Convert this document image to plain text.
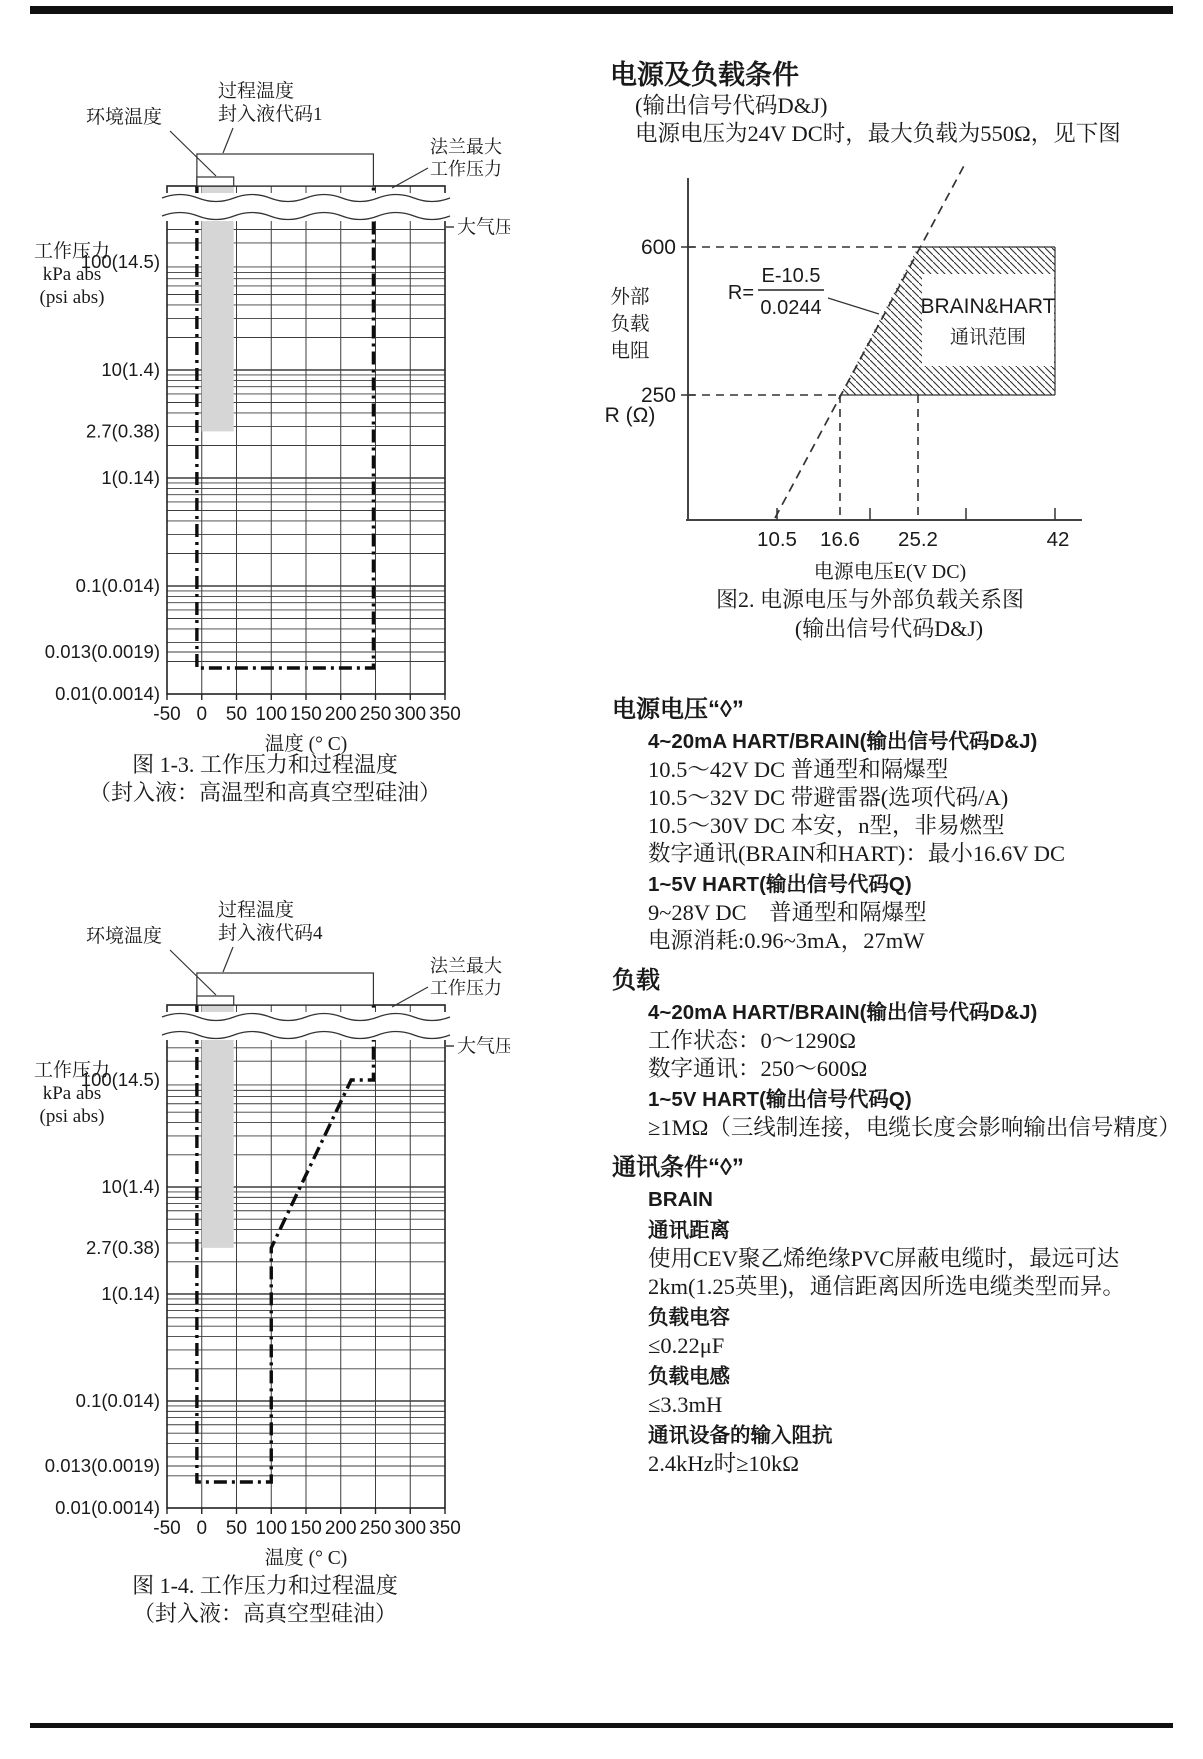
电源及负载条件
(输出信号代码D&J)
电源电压为24V DC时，最大负载为550Ω，见下图
BRAIN&HART
通讯范围
600
250
外部
负载
电阻
R (Ω)
R=
E-10.5
0.0244
10.5 16.6 25.2	42
电源电压E(V DC)
图2. 电源电压与外部负载关系图
(输出信号代码D&J)
过程温度
封入液代码1
环境温度
法兰最大
工作压力
大气压
100(14.5)
10(1.4)
2.7(0.38)
1(0.14)
0.1(0.014)
0.013(0.0019)
0.01(0.0014)
-50 0 50 100 150 200 250 300 350
工作压力
kPa abs
(psi abs)
温度 (° C)
图 1-3. 工作压力和过程温度
（封入液：高温型和高真空型硅油）
过程温度
封入液代码4
环境温度
法兰最大
工作压力
大气压
100(14.5)
10(1.4)
2.7(0.38)
1(0.14)
0.1(0.014)
0.013(0.0019)
0.01(0.0014)
-50 0 50 100 150 200 250 300 350
工作压力
kPa abs
(psi abs)
温度 (° C)
图 1-4. 工作压力和过程温度
（封入液：高真空型硅油）
电源电压“◊”
4~20mA HART/BRAIN(输出信号代码D&J)
10.5～42V DC 普通型和隔爆型
10.5～32V DC 带避雷器(选项代码/A)
10.5～30V DC 本安，n型，非易燃型
数字通讯(BRAIN和HART)：最小16.6V DC
1~5V HART(输出信号代码Q)
9~28V DC　普通型和隔爆型
电源消耗:0.96~3mA，27mW
负载
4~20mA HART/BRAIN(输出信号代码D&J)
工作状态：0～1290Ω
数字通讯：250～600Ω
1~5V HART(输出信号代码Q)
≥1MΩ（三线制连接，电缆长度会影响输出信号精度）
通讯条件“◊”
BRAIN
通讯距离
使用CEV聚乙烯绝缘PVC屏蔽电缆时，最远可达
2km(1.25英里)，通信距离因所选电缆类型而异。
负载电容
≤0.22μF
负载电感
≤3.3mH
通讯设备的输入阻抗
2.4kHz时≥10kΩ
